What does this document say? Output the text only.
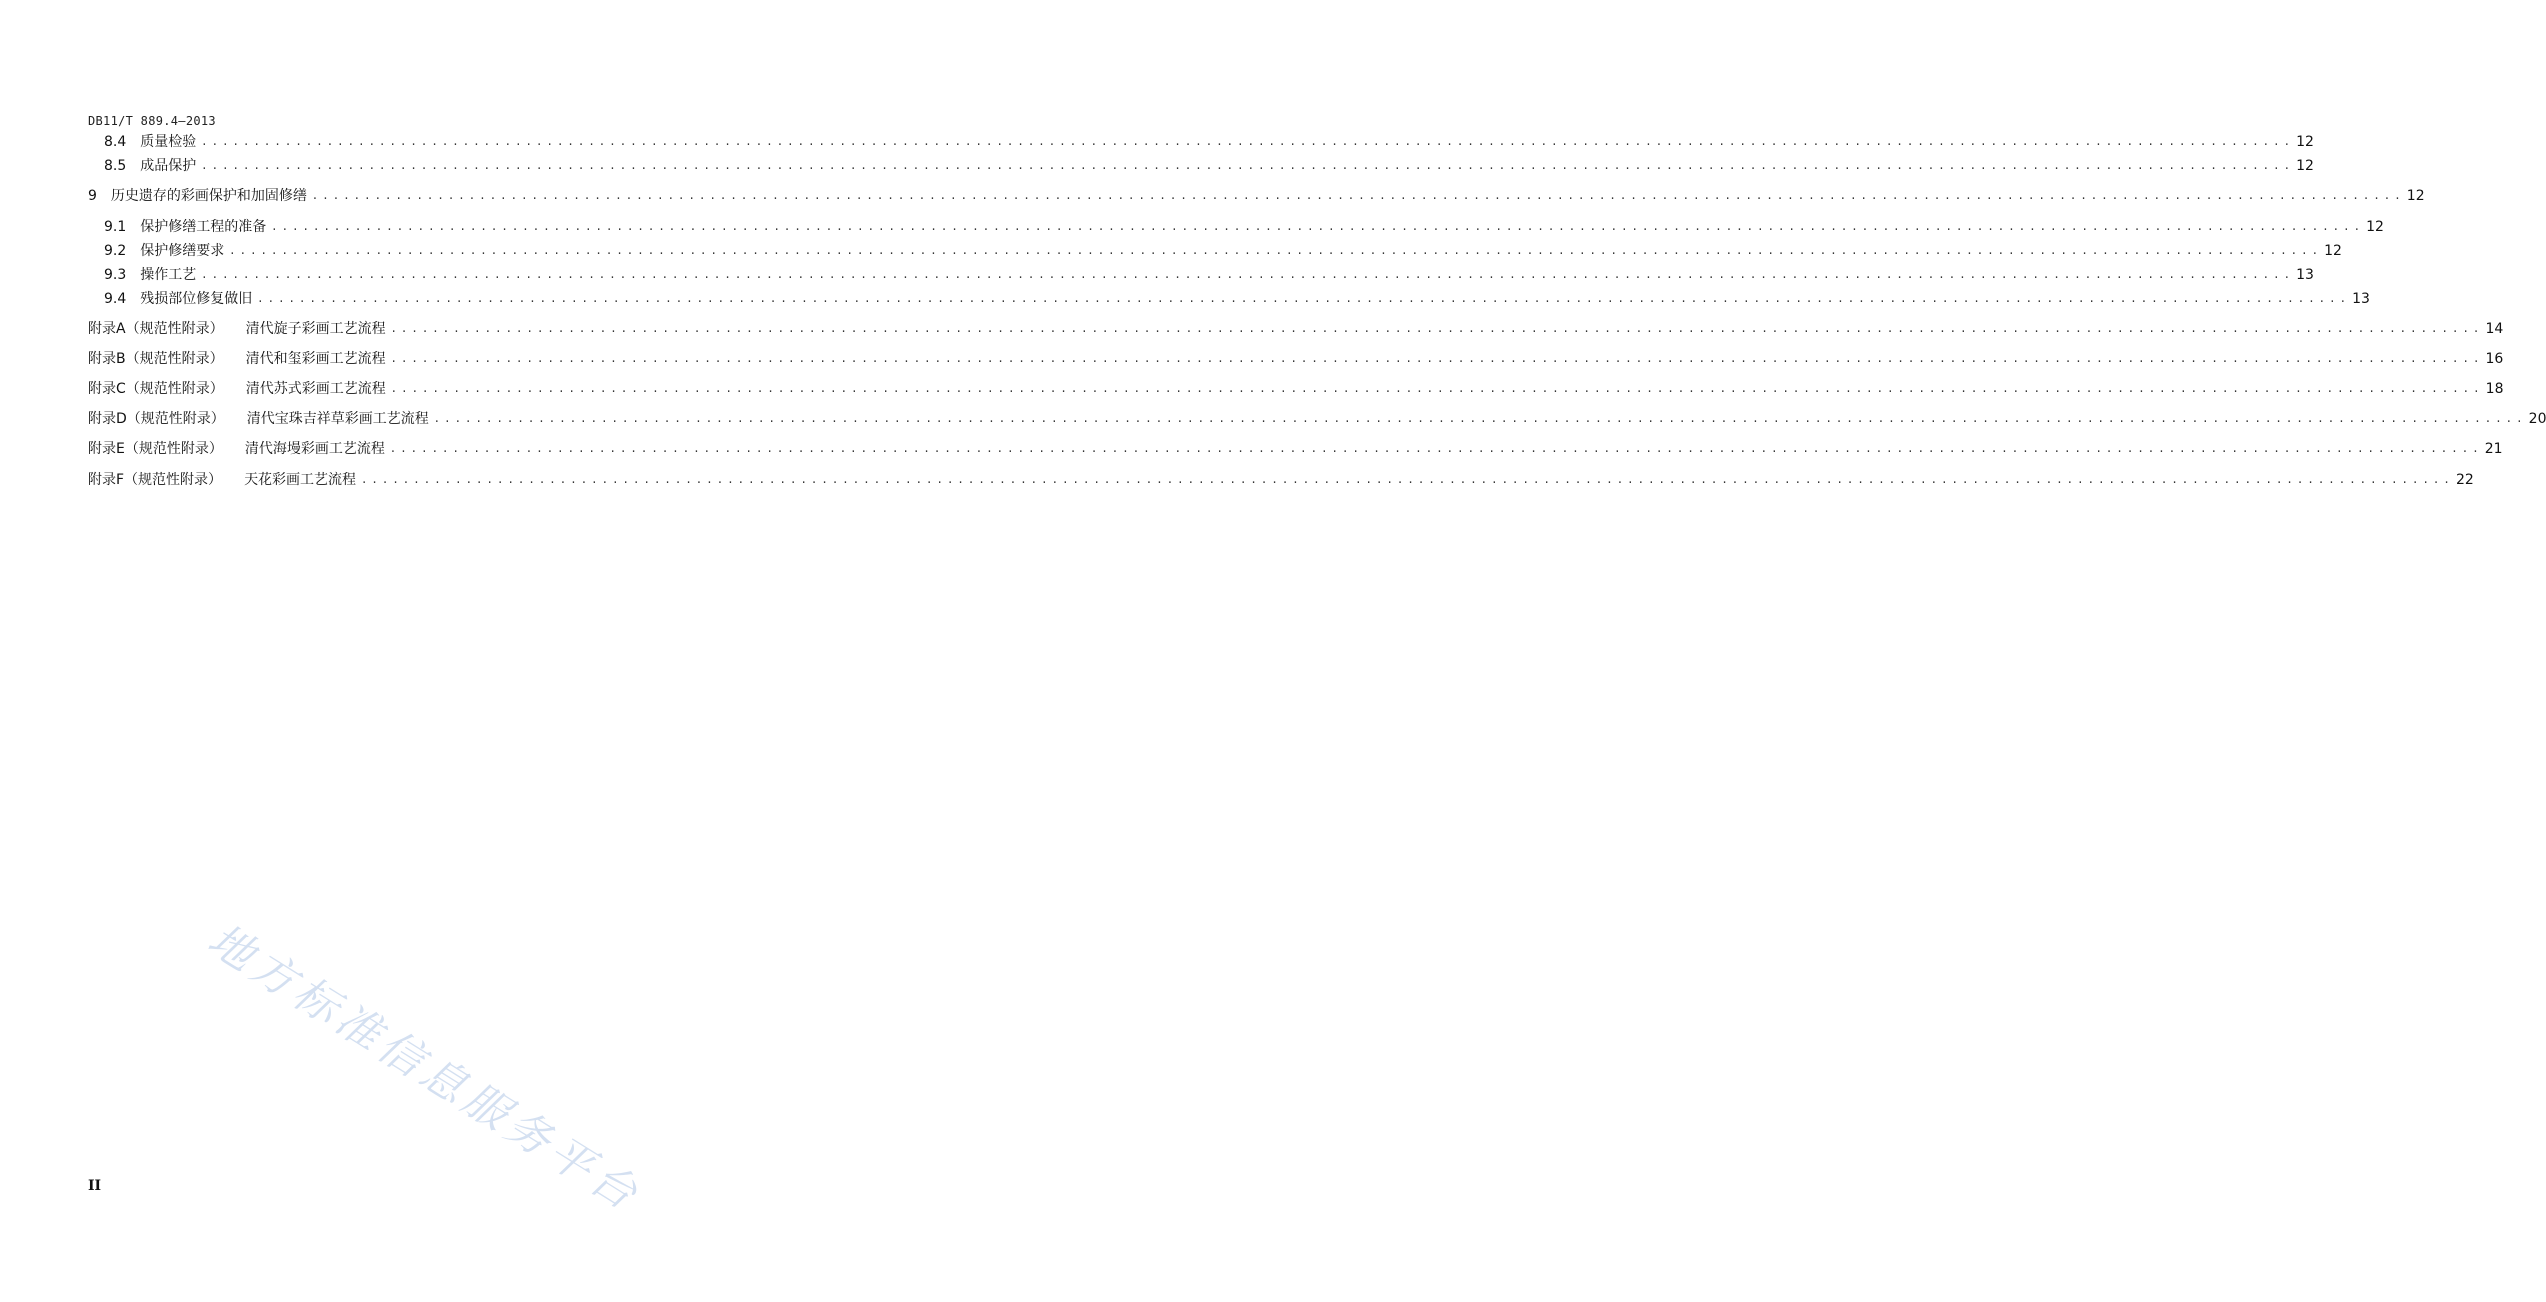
DB11/T 889.4—2013
8.4	质量检验 . . . . . . . . . . . . . . . . . . . . . . . . . . . . . . . . . . . . . . . . . . . . . . . . . . . . . . . . . . . . . . . . . . . . . . . . . . . . . . . . . . . . . . . . . . . . . . . . . . . . . . . . . . . . . . . . . . . . . . . . . . . . . . . . . . . . . . . . . . . . . . . . . . . . . . . . . . . . . . . . . . . . . . . . . . . . . . . . . . . . . . . . . . . . . . . . . . . . . . . . 12
8.5	成品保护 . . . . . . . . . . . . . . . . . . . . . . . . . . . . . . . . . . . . . . . . . . . . . . . . . . . . . . . . . . . . . . . . . . . . . . . . . . . . . . . . . . . . . . . . . . . . . . . . . . . . . . . . . . . . . . . . . . . . . . . . . . . . . . . . . . . . . . . . . . . . . . . . . . . . . . . . . . . . . . . . . . . . . . . . . . . . . . . . . . . . . . . . . . . . . . . . . . . . . . . . 12
9	历史遗存的彩画保护和加固修缮 . . . . . . . . . . . . . . . . . . . . . . . . . . . . . . . . . . . . . . . . . . . . . . . . . . . . . . . . . . . . . . . . . . . . . . . . . . . . . . . . . . . . . . . . . . . . . . . . . . . . . . . . . . . . . . . . . . . . . . . . . . . . . . . . . . . . . . . . . . . . . . . . . . . . . . . . . . . . . . . . . . . . . . . . . . . . . . . . . . . . . . . . . . . . . . . . . . . . . . . . 12
9.1	保护修缮工程的准备 . . . . . . . . . . . . . . . . . . . . . . . . . . . . . . . . . . . . . . . . . . . . . . . . . . . . . . . . . . . . . . . . . . . . . . . . . . . . . . . . . . . . . . . . . . . . . . . . . . . . . . . . . . . . . . . . . . . . . . . . . . . . . . . . . . . . . . . . . . . . . . . . . . . . . . . . . . . . . . . . . . . . . . . . . . . . . . . . . . . . . . . . . . . . . . . . . . . . . . . . 12
9.2	保护修缮要求 . . . . . . . . . . . . . . . . . . . . . . . . . . . . . . . . . . . . . . . . . . . . . . . . . . . . . . . . . . . . . . . . . . . . . . . . . . . . . . . . . . . . . . . . . . . . . . . . . . . . . . . . . . . . . . . . . . . . . . . . . . . . . . . . . . . . . . . . . . . . . . . . . . . . . . . . . . . . . . . . . . . . . . . . . . . . . . . . . . . . . . . . . . . . . . . . . . . . . . . . 12
9.3	操作工艺 . . . . . . . . . . . . . . . . . . . . . . . . . . . . . . . . . . . . . . . . . . . . . . . . . . . . . . . . . . . . . . . . . . . . . . . . . . . . . . . . . . . . . . . . . . . . . . . . . . . . . . . . . . . . . . . . . . . . . . . . . . . . . . . . . . . . . . . . . . . . . . . . . . . . . . . . . . . . . . . . . . . . . . . . . . . . . . . . . . . . . . . . . . . . . . . . . . . . . . . . 13
9.4	残损部位修复做旧 . . . . . . . . . . . . . . . . . . . . . . . . . . . . . . . . . . . . . . . . . . . . . . . . . . . . . . . . . . . . . . . . . . . . . . . . . . . . . . . . . . . . . . . . . . . . . . . . . . . . . . . . . . . . . . . . . . . . . . . . . . . . . . . . . . . . . . . . . . . . . . . . . . . . . . . . . . . . . . . . . . . . . . . . . . . . . . . . . . . . . . . . . . . . . . . . . . . . . . . . 13
附录A（规范性附录）	清代旋子彩画工艺流程 . . . . . . . . . . . . . . . . . . . . . . . . . . . . . . . . . . . . . . . . . . . . . . . . . . . . . . . . . . . . . . . . . . . . . . . . . . . . . . . . . . . . . . . . . . . . . . . . . . . . . . . . . . . . . . . . . . . . . . . . . . . . . . . . . . . . . . . . . . . . . . . . . . . . . . . . . . . . . . . . . . . . . . . . . . . . . . . . . . . . . . . . . . . . . . . . . . . . . . . . 14
附录B（规范性附录）	清代和玺彩画工艺流程 . . . . . . . . . . . . . . . . . . . . . . . . . . . . . . . . . . . . . . . . . . . . . . . . . . . . . . . . . . . . . . . . . . . . . . . . . . . . . . . . . . . . . . . . . . . . . . . . . . . . . . . . . . . . . . . . . . . . . . . . . . . . . . . . . . . . . . . . . . . . . . . . . . . . . . . . . . . . . . . . . . . . . . . . . . . . . . . . . . . . . . . . . . . . . . . . . . . . . . . . 16
附录C（规范性附录）	清代苏式彩画工艺流程 . . . . . . . . . . . . . . . . . . . . . . . . . . . . . . . . . . . . . . . . . . . . . . . . . . . . . . . . . . . . . . . . . . . . . . . . . . . . . . . . . . . . . . . . . . . . . . . . . . . . . . . . . . . . . . . . . . . . . . . . . . . . . . . . . . . . . . . . . . . . . . . . . . . . . . . . . . . . . . . . . . . . . . . . . . . . . . . . . . . . . . . . . . . . . . . . . . . . . . . . 18
附录D（规范性附录）	清代宝珠吉祥草彩画工艺流程 . . . . . . . . . . . . . . . . . . . . . . . . . . . . . . . . . . . . . . . . . . . . . . . . . . . . . . . . . . . . . . . . . . . . . . . . . . . . . . . . . . . . . . . . . . . . . . . . . . . . . . . . . . . . . . . . . . . . . . . . . . . . . . . . . . . . . . . . . . . . . . . . . . . . . . . . . . . . . . . . . . . . . . . . . . . . . . . . . . . . . . . . . . . . . . . . . . . . . . . . 20
附录E（规范性附录）	清代海墁彩画工艺流程 . . . . . . . . . . . . . . . . . . . . . . . . . . . . . . . . . . . . . . . . . . . . . . . . . . . . . . . . . . . . . . . . . . . . . . . . . . . . . . . . . . . . . . . . . . . . . . . . . . . . . . . . . . . . . . . . . . . . . . . . . . . . . . . . . . . . . . . . . . . . . . . . . . . . . . . . . . . . . . . . . . . . . . . . . . . . . . . . . . . . . . . . . . . . . . . . . . . . . . . . 21
附录F（规范性附录）	天花彩画工艺流程 . . . . . . . . . . . . . . . . . . . . . . . . . . . . . . . . . . . . . . . . . . . . . . . . . . . . . . . . . . . . . . . . . . . . . . . . . . . . . . . . . . . . . . . . . . . . . . . . . . . . . . . . . . . . . . . . . . . . . . . . . . . . . . . . . . . . . . . . . . . . . . . . . . . . . . . . . . . . . . . . . . . . . . . . . . . . . . . . . . . . . . . . . . . . . . . . . . . . . . . . 22
地方标准信息服务平台
II
